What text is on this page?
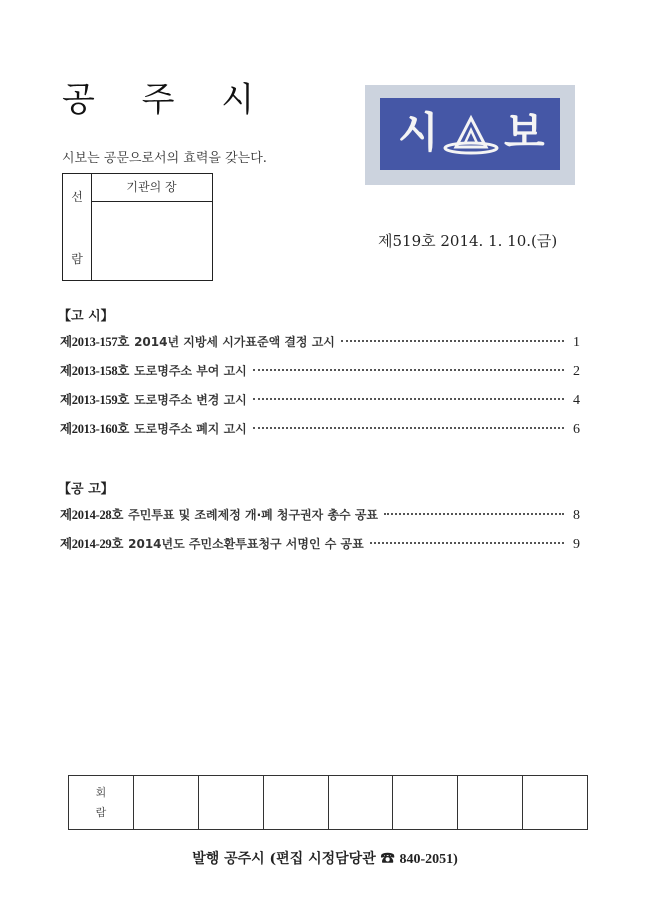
공 주 시
시보는 공문으로서의 효력을 갖는다.
선
람
기관의 장
시 보
제519호 2014. 1. 10.(금)
【고 시】
제2013-157호 2014년 지방세 시가표준액 결정 고시	1
제2013-158호 도로명주소 부여 고시	2
제2013-159호 도로명주소 변경 고시	4
제2013-160호 도로명주소 폐지 고시	6
【공 고】
제2014-28호 주민투표 및 조례제정 개·폐 청구권자 총수 공표	8
제2014-29호 2014년도 주민소환투표청구 서명인 수 공표	9
회
람
발행 공주시 (편집 시정담당관 ☎ 840-2051)
